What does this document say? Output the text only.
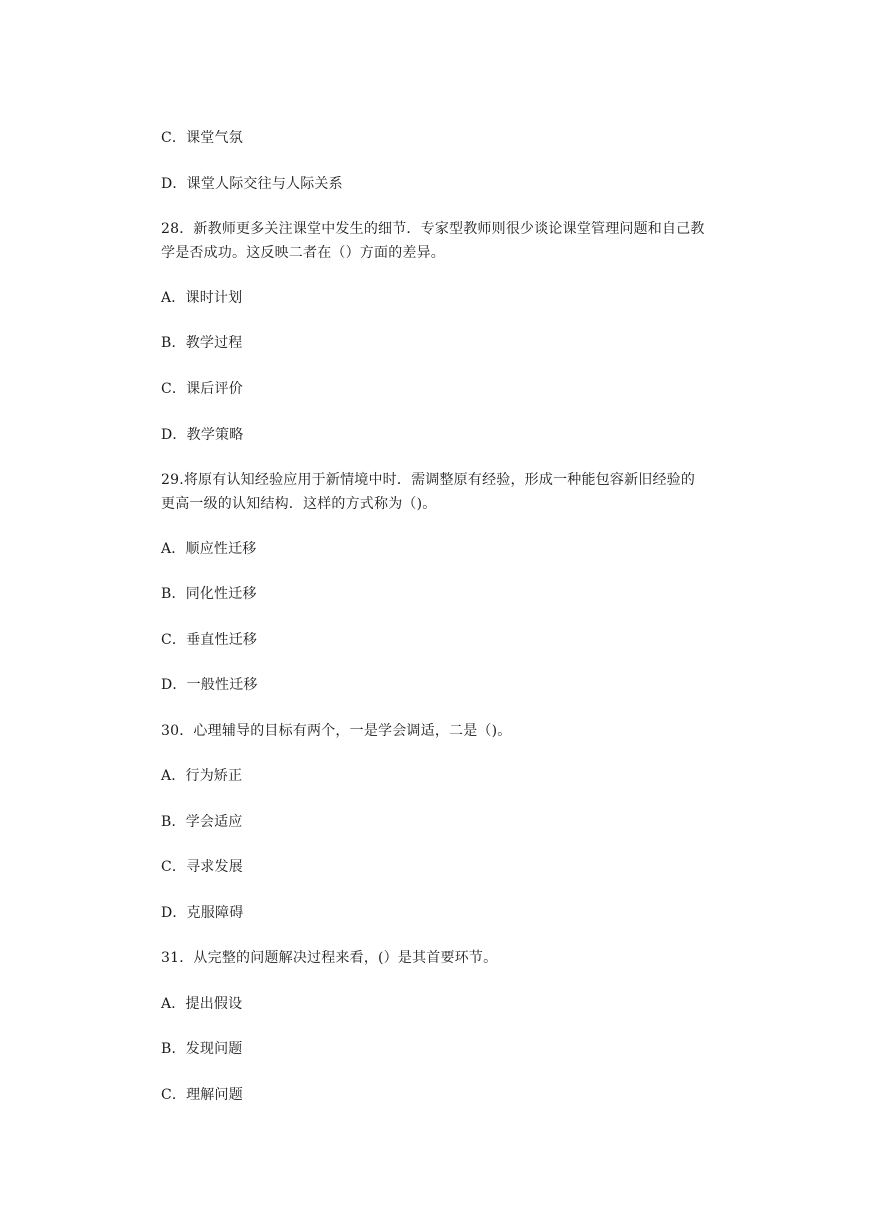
C．课堂气氛
D．课堂人际交往与人际关系
28．新教师更多关注课堂中发生的细节．专家型教师则很少谈论课堂管理问题和自己教
学是否成功。这反映二者在（）方面的差异。
A．课时计划
B．教学过程
C．课后评价
D．教学策略
29.将原有认知经验应用于新情境中时．需调整原有经验，形成一种能包容新旧经验的
更高一级的认知结构．这样的方式称为（)。
A．顺应性迁移
B．同化性迁移
C．垂直性迁移
D．一般性迁移
30．心理辅导的目标有两个，一是学会调适，二是（)。
A．行为矫正
B．学会适应
C．寻求发展
D．克服障碍
31．从完整的问题解决过程来看，(）是其首要环节。
A．提出假设
B．发现问题
C．理解问题
